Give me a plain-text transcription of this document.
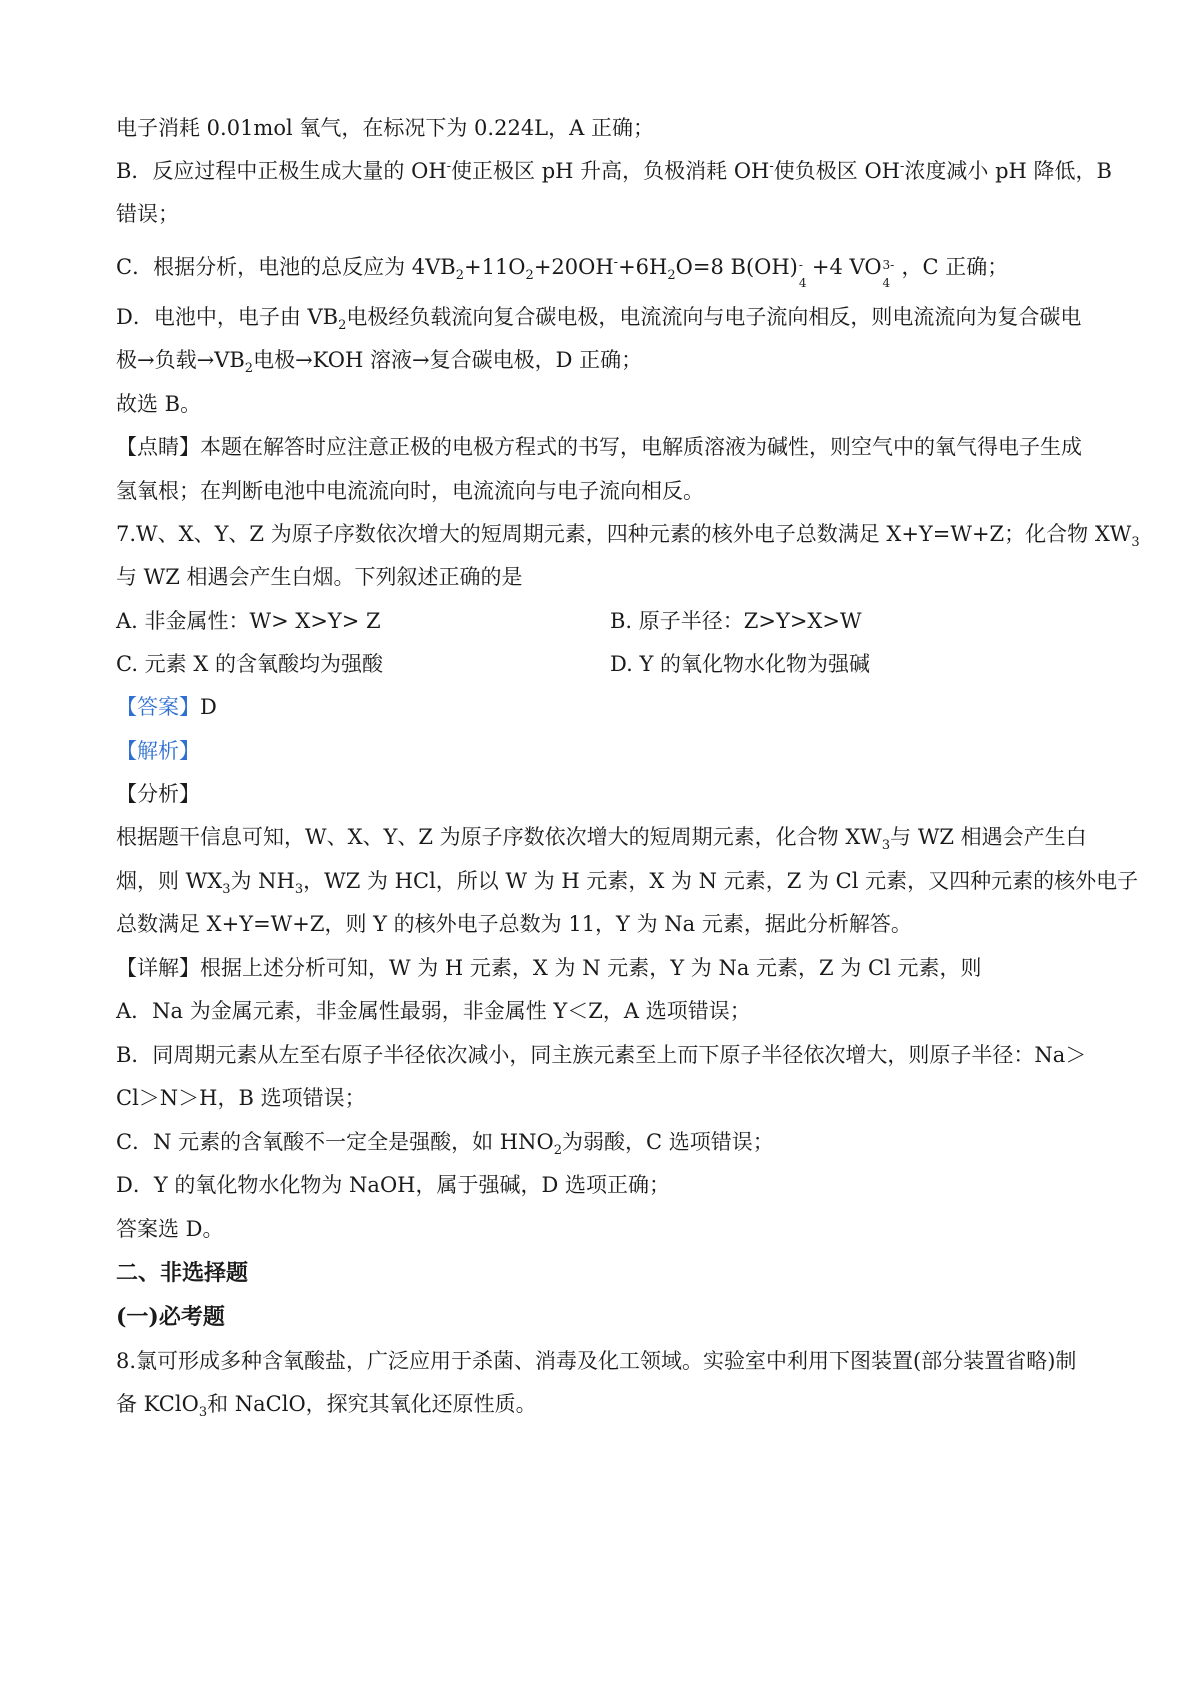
电子消耗 0.01mol 氧气，在标况下为 0.224L，A 正确；
B．反应过程中正极生成大量的 OH-使正极区 pH 升高，负极消耗 OH-使负极区 OH-浓度减小 pH 降低，B
错误；
C．根据分析，电池的总反应为 $4VB_2+11O_2+20OH^-+6H_2O=8$ B(OH) -
4
+4 VO 3-
4
，C 正确；
D．电池中，电子由 $VB_2$电极经负载流向复合碳电极，电流流向与电子流向相反，则电流流向为复合碳电
极→负载$\to VB_2$电极→KOH 溶液→复合碳电极，D 正确；
故选 B。
【点睛】本题在解答时应注意正极的电极方程式的书写，电解质溶液为碱性，则空气中的氧气得电子生成
氢氧根；在判断电池中电流流向时，电流流向与电子流向相反。
7.W、X、Y、Z 为原子序数依次增大的短周期元素，四种元素的核外电子总数满足 X+Y=W+Z；化合物 $XW_3$
与 WZ 相遇会产生白烟。下列叙述正确的是
A. 非金属性：W> X>Y> Z	B. 原子半径：Z>Y>X>W
C. 元素 X 的含氧酸均为强酸	D. Y 的氧化物水化物为强碱
【答案】D
【解析】
【分析】
根据题干信息可知，W、X、Y、Z 为原子序数依次增大的短周期元素，化合物 $XW_3$与 WZ 相遇会产生白
烟，则 $WX_3$为 $NH_3$，WZ 为 HCl，所以 W 为 H 元素，X 为 N 元素，Z 为 Cl 元素，又四种元素的核外电子
总数满足 X+Y=W+Z，则 Y 的核外电子总数为 11，Y 为 Na 元素，据此分析解答。
【详解】根据上述分析可知，W 为 H 元素，X 为 N 元素，Y 为 Na 元素，Z 为 Cl 元素，则
A．Na 为金属元素，非金属性最弱，非金属性 Y＜Z，A 选项错误；
B．同周期元素从左至右原子半径依次减小，同主族元素至上而下原子半径依次增大，则原子半径：Na＞
Cl＞N＞H，B 选项错误；
C．N 元素的含氧酸不一定全是强酸，如 $HNO_2$为弱酸，C 选项错误；
D．Y 的氧化物水化物为 NaOH，属于强碱，D 选项正确；
答案选 D。
二、非选择题
(一)必考题
8.氯可形成多种含氧酸盐，广泛应用于杀菌、消毒及化工领域。实验室中利用下图装置(部分装置省略)制
备 KClO$_3$和 NaClO，探究其氧化还原性质。
